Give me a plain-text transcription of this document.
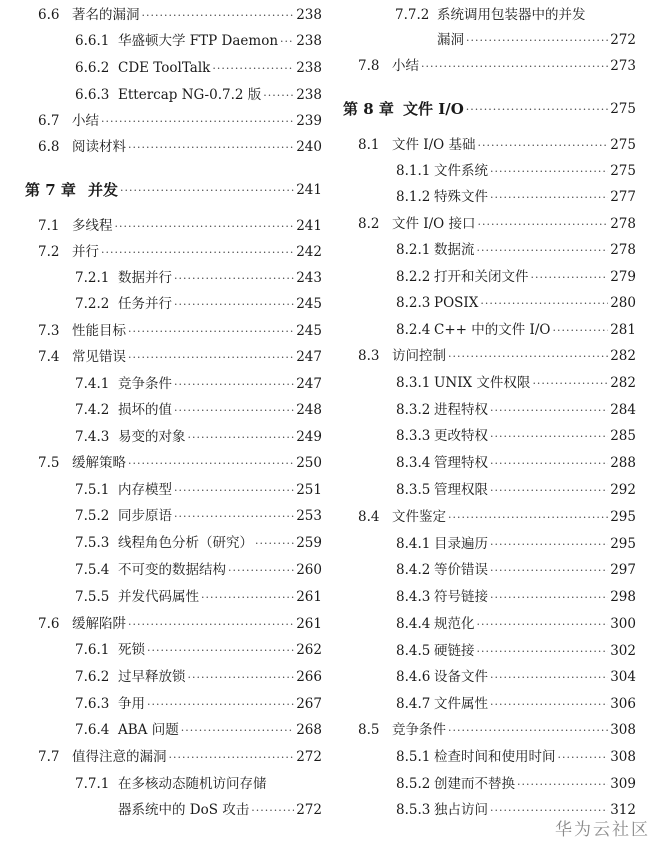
6.6 著名的漏洞 ·····	238
6.6.1 华盛顿大学 FTP Daemon ····· 238
6.6.2 CDE ToolTalk ·····	238
6.6.3 Ettercap NG-0.7.2 版 ·····	238
6.7 小结 ·····	239
6.8 阅读材料 ·····	240
第 7 章 并发 ·····	241
7.1 多线程 ·····	241
7.2 并行 ·····	242
7.2.1 数据并行 ·····	243
7.2.2 任务并行 ·····	245
7.3 性能目标 ·····	245
7.4 常见错误 ·····	247
7.4.1 竞争条件 ·····	247
7.4.2 损坏的值 ·····	248
7.4.3 易变的对象 ·····	249
7.5 缓解策略 ·····	250
7.5.1 内存模型 ·····	251
7.5.2 同步原语 ·····	253
7.5.3 线程角色分析（研究） ·····	259
7.5.4 不可变的数据结构 ·····	260
7.5.5 并发代码属性 ·····	261
7.6 缓解陷阱 ·····	261
7.6.1 死锁 ·····	262
7.6.2 过早释放锁 ·····	266
7.6.3 争用 ·····	267
7.6.4 ABA 问题 ·····	268
7.7 值得注意的漏洞 ·····	272
7.7.1 在多核动态随机访问存储
器系统中的 DoS 攻击 ·····	272
7.7.2 系统调用包装器中的并发
漏洞 ·····	272
7.8 小结 ·····	273
第 8 章 文件 I/O ·····	275
8.1 文件 I/O 基础 ·····	275
8.1.1 文件系统 ·····	275
8.1.2 特殊文件 ·····	277
8.2 文件 I/O 接口 ·····	278
8.2.1 数据流 ·····	278
8.2.2 打开和关闭文件 ·····	279
8.2.3 POSIX ·····	280
8.2.4 C++ 中的文件 I/O ·····	281
8.3 访问控制 ·····	282
8.3.1 UNIX 文件权限 ·····	282
8.3.2 进程特权 ·····	284
8.3.3 更改特权 ·····	285
8.3.4 管理特权 ·····	288
8.3.5 管理权限 ·····	292
8.4 文件鉴定 ·····	295
8.4.1 目录遍历 ·····	295
8.4.2 等价错误 ·····	297
8.4.3 符号链接 ·····	298
8.4.4 规范化 ·····	300
8.4.5 硬链接 ·····	302
8.4.6 设备文件 ·····	304
8.4.7 文件属性 ·····	306
8.5 竞争条件 ·····	308
8.5.1 检查时间和使用时间 ·····	308
8.5.2 创建而不替换 ·····	309
8.5.3 独占访问 ·····	312
华为云社区
